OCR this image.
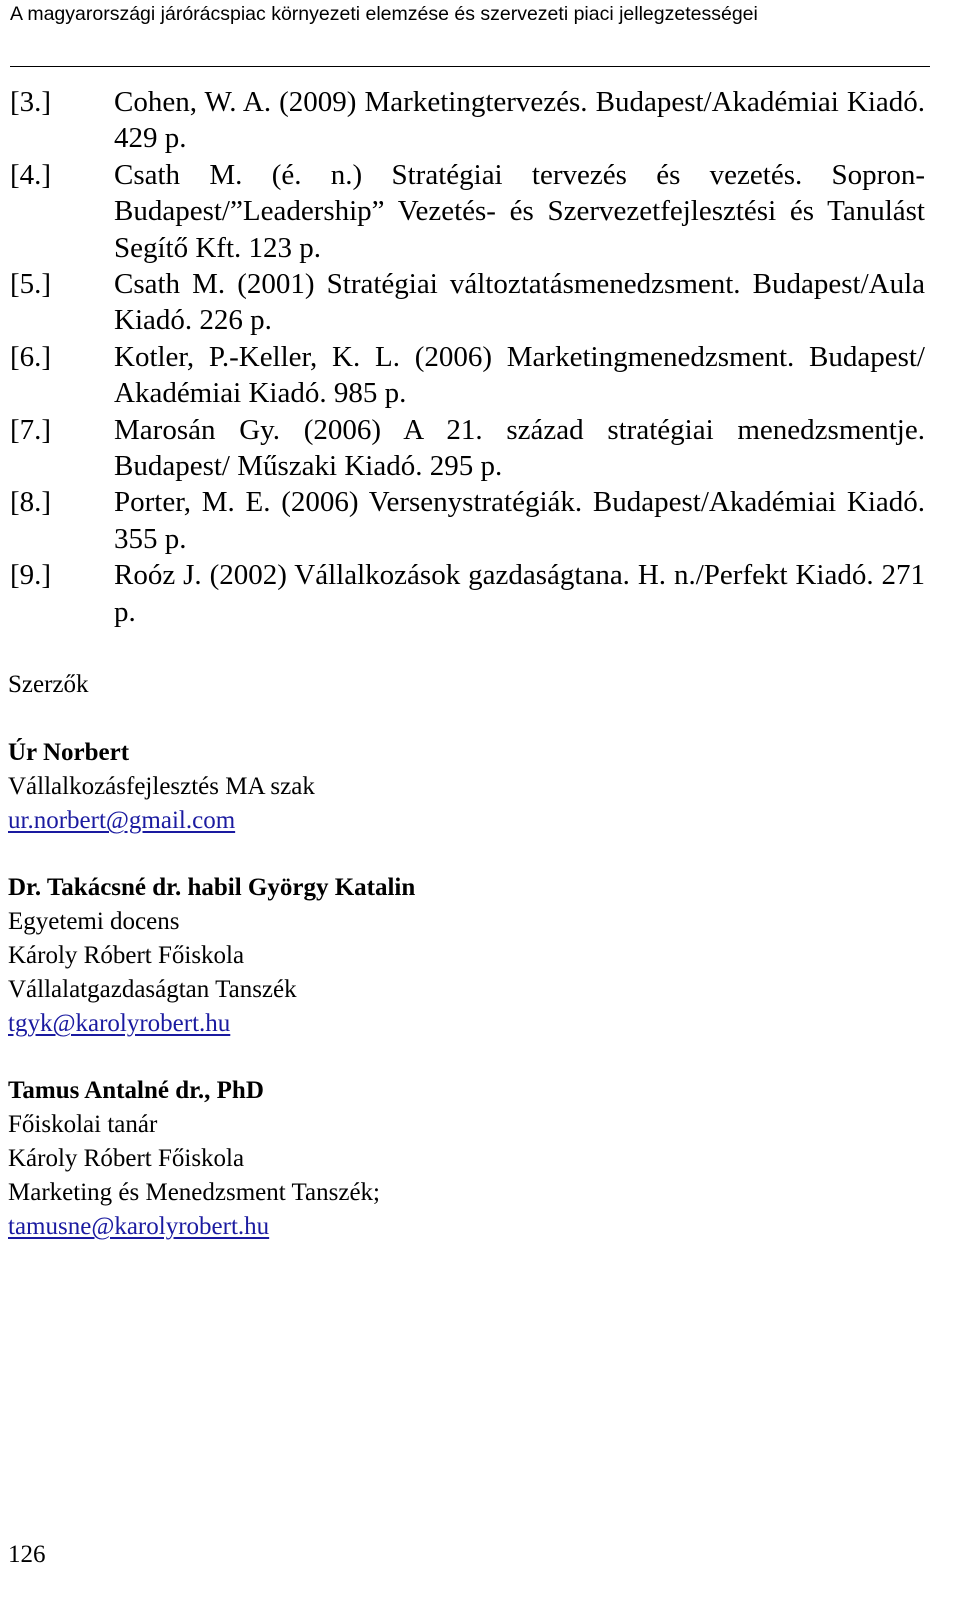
A magyarországi járórácspiac környezeti elemzése és szervezeti piaci jellegzetességei
[3.] Cohen, W. A. (2009) Marketingtervezés. Budapest/Akadémiai Kiadó. 429 p.
[4.] Csath M. (é. n.) Stratégiai tervezés és vezetés. Sopron-Budapest/”Leadership” Vezetés- és Szervezetfejlesztési és Tanulást Segítő Kft. 123 p.
[5.] Csath M. (2001) Stratégiai változtatásmenedzsment. Budapest/Aula Kiadó. 226 p.
[6.] Kotler, P.-Keller, K. L. (2006) Marketingmenedzsment. Budapest/ Akadémiai Kiadó. 985 p.
[7.] Marosán Gy. (2006) A 21. század stratégiai menedzsmentje. Budapest/ Műszaki Kiadó. 295 p.
[8.] Porter, M. E. (2006) Versenystratégiák. Budapest/Akadémiai Kiadó. 355 p.
[9.] Roóz J. (2002) Vállalkozások gazdaságtana. H. n./Perfekt Kiadó. 271 p.
Szerzők
Úr Norbert
Vállalkozásfejlesztés MA szak
ur.norbert@gmail.com
Dr. Takácsné dr. habil György Katalin
Egyetemi docens
Károly Róbert Főiskola
Vállalatgazdaságtan Tanszék
tgyk@karolyrobert.hu
Tamus Antalné dr., PhD
Főiskolai tanár
Károly Róbert Főiskola
Marketing és Menedzsment Tanszék;
tamusne@karolyrobert.hu
126
